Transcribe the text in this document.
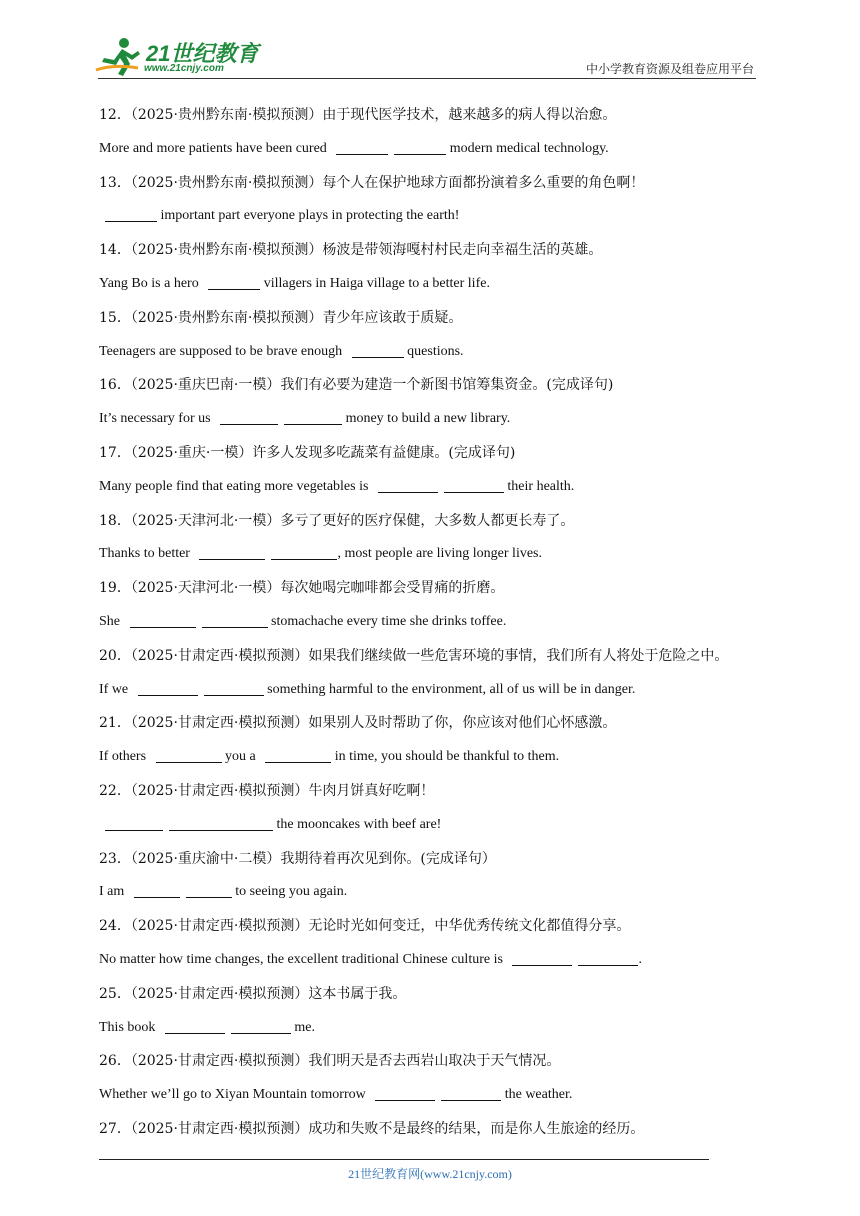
21世纪教育
www.21cnjy.com	中小学教育资源及组卷应用平台
12．（2025·贵州黔东南·模拟预测）由于现代医学技术，越来越多的病人得以治愈。
More and more patients have been cured	modern medical technology.
13．（2025·贵州黔东南·模拟预测）每个人在保护地球方面都扮演着多么重要的角色啊！
important part everyone plays in protecting the earth!
14．（2025·贵州黔东南·模拟预测）杨波是带领海嘎村村民走向幸福生活的英雄。
Yang Bo is a hero	villagers in Haiga village to a better life.
15．（2025·贵州黔东南·模拟预测）青少年应该敢于质疑。
Teenagers are supposed to be brave enough	questions.
16．（2025·重庆巴南·一模）我们有必要为建造一个新图书馆筹集资金。(完成译句)
It’s necessary for us	money to build a new library.
17．（2025·重庆·一模）许多人发现多吃蔬菜有益健康。(完成译句)
Many people find that eating more vegetables is	their health.
18．（2025·天津河北·一模）多亏了更好的医疗保健，大多数人都更长寿了。
Thanks to better	, most people are living longer lives.
19．（2025·天津河北·一模）每次她喝完咖啡都会受胃痛的折磨。
She	stomachache every time she drinks toffee.
20．（2025·甘肃定西·模拟预测）如果我们继续做一些危害环境的事情，我们所有人将处于危险之中。
If we	something harmful to the environment, all of us will be in danger.
21．（2025·甘肃定西·模拟预测）如果别人及时帮助了你，你应该对他们心怀感激。
If others	you a	in time, you should be thankful to them.
22．（2025·甘肃定西·模拟预测）牛肉月饼真好吃啊！
the mooncakes with beef are!
23．（2025·重庆渝中·二模）我期待着再次见到你。(完成译句）
I am	to seeing you again.
24．（2025·甘肃定西·模拟预测）无论时光如何变迁，中华优秀传统文化都值得分享。
No matter how time changes, the excellent traditional Chinese culture is	.
25．（2025·甘肃定西·模拟预测）这本书属于我。
This book	me.
26．（2025·甘肃定西·模拟预测）我们明天是否去西岩山取决于天气情况。
Whether we’ll go to Xiyan Mountain tomorrow	the weather.
27．（2025·甘肃定西·模拟预测）成功和失败不是最终的结果，而是你人生旅途的经历。
21世纪教育网(www.21cnjy.com)
